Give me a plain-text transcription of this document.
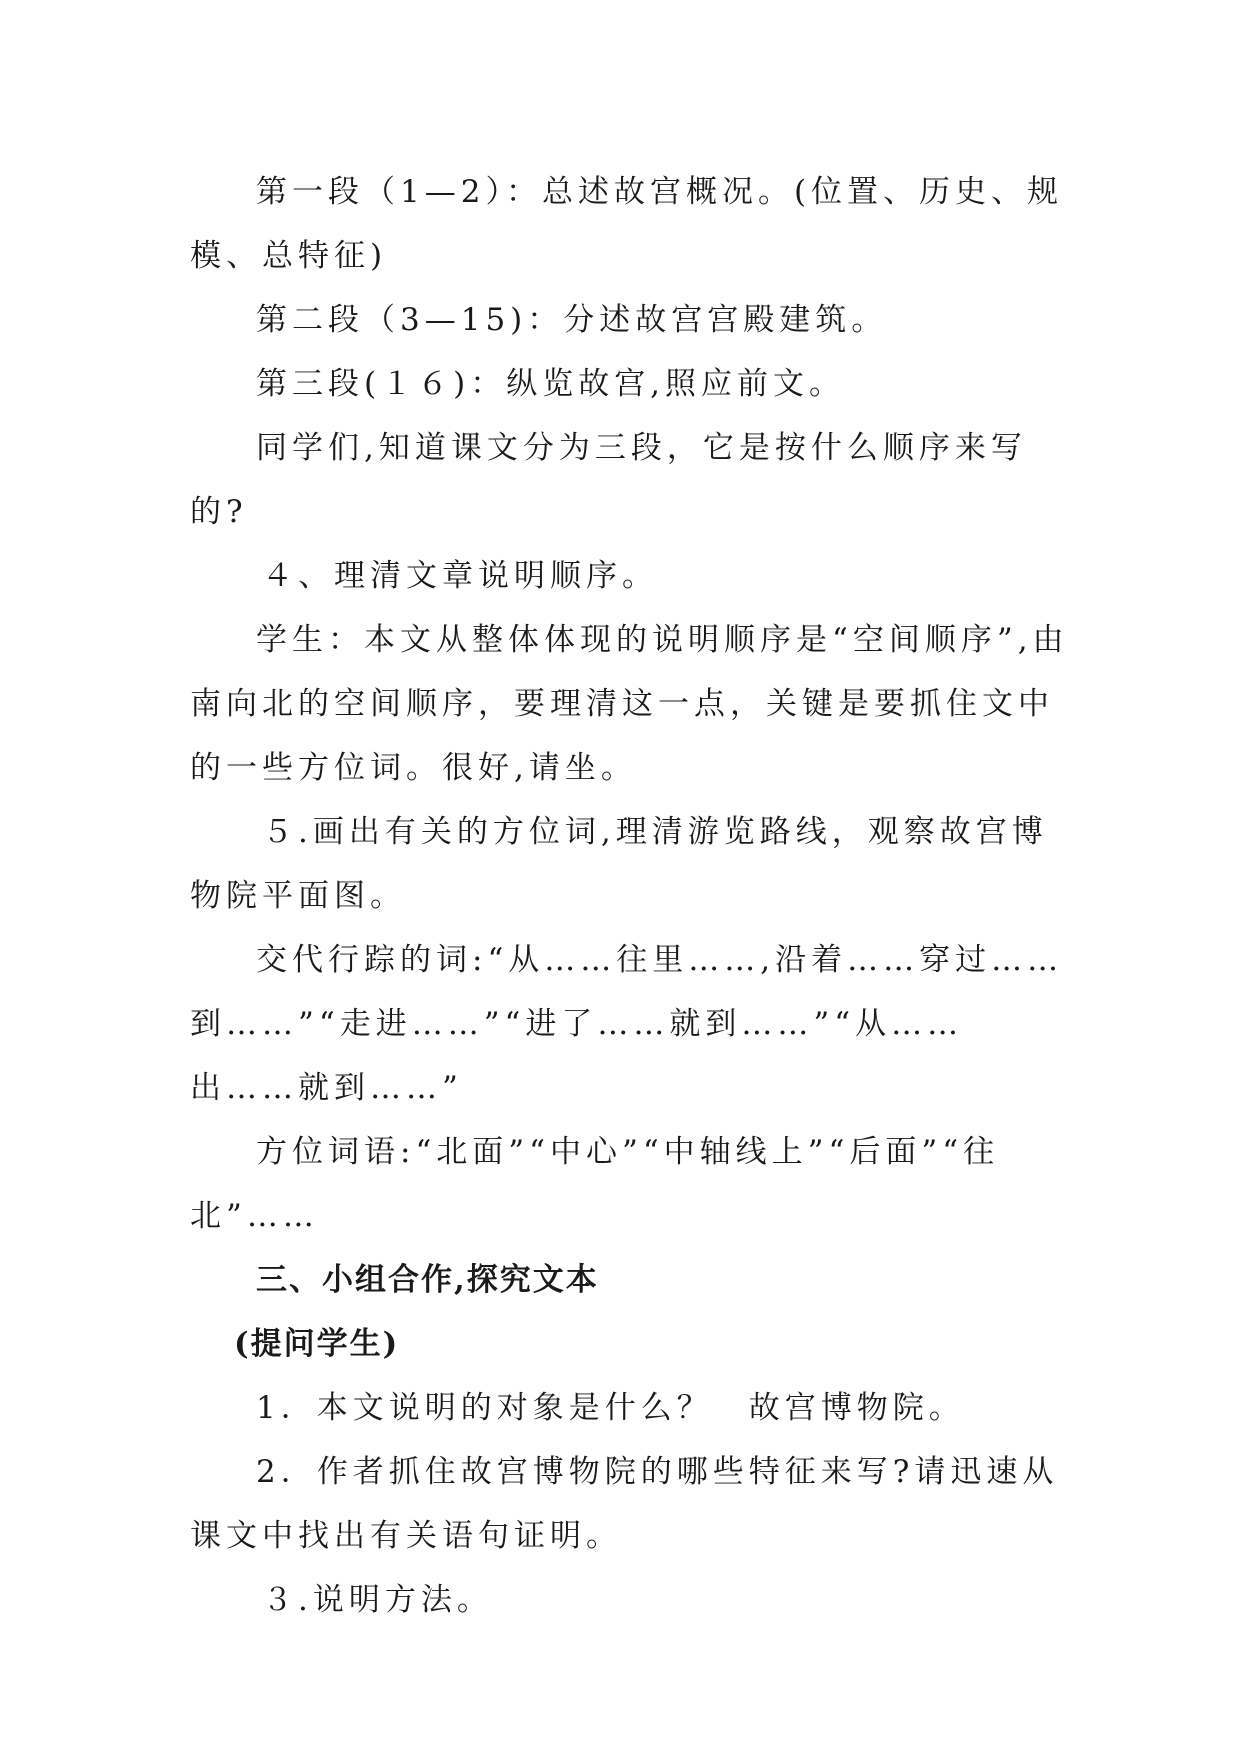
第一段（1—2）：总述故宫概况。(位置、历史、规模、总特征)

第二段（3—15)：分述故宫宫殿建筑。

第三段(１６)：纵览故宫,照应前文。

同学们,知道课文分为三段，它是按什么顺序来写的?

４、理清文章说明顺序。

学生：本文从整体体现的说明顺序是“空间顺序”,由南向北的空间顺序，要理清这一点，关键是要抓住文中的一些方位词。很好,请坐。

５.画出有关的方位词,理清游览路线，观察故宫博物院平面图。

交代行踪的词:“从……往里……,沿着……穿过……到……”“走进……”“进了……就到……”“从……出……就到……”

方位词语:“北面”“中心”“中轴线上”“后面”“往北”……

三、小组合作,探究文本

(提问学生)

1．本文说明的对象是什么？　故宫博物院。

2．作者抓住故宫博物院的哪些特征来写?请迅速从课文中找出有关语句证明。

３.说明方法。
